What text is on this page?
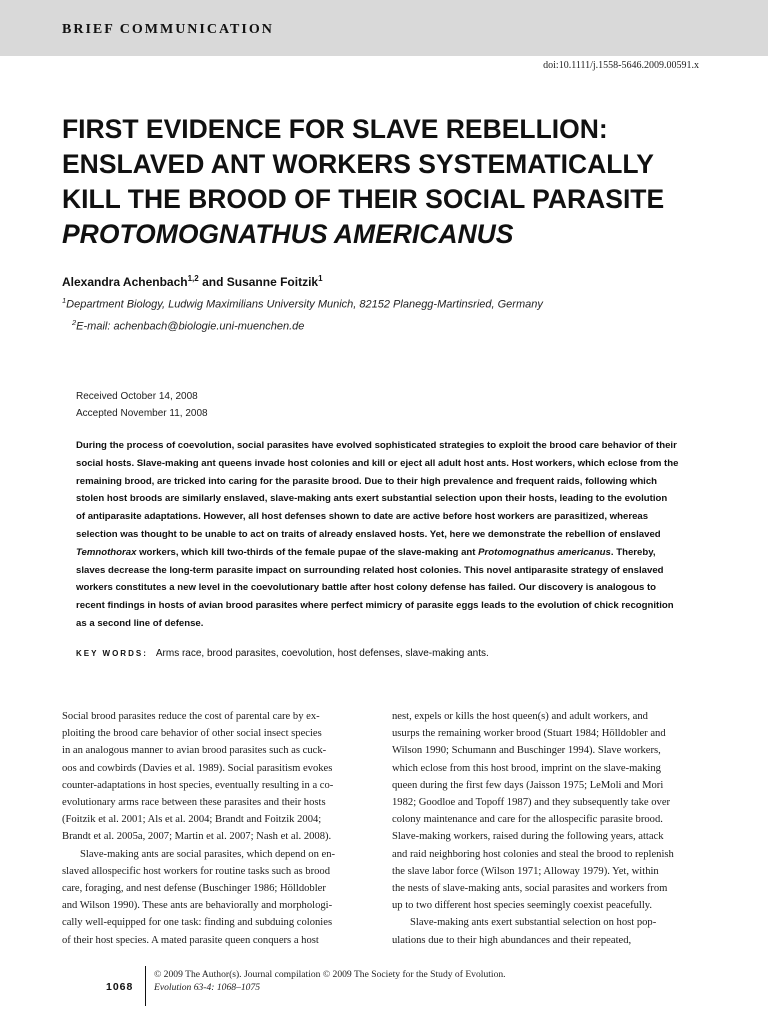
BRIEF COMMUNICATION
doi:10.1111/j.1558-5646.2009.00591.x
FIRST EVIDENCE FOR SLAVE REBELLION:
ENSLAVED ANT WORKERS SYSTEMATICALLY
KILL THE BROOD OF THEIR SOCIAL PARASITE
PROTOMOGNATHUS AMERICANUS
Alexandra Achenbach$^{1,2}$ and Susanne Foitzik$^1$
$^1$Department Biology, Ludwig Maximilians University Munich, 82152 Planegg-Martinsried, Germany
$^2$E-mail: achenbach@biologie.uni-muenchen.de
Received October 14, 2008
Accepted November 11, 2008
During the process of coevolution, social parasites have evolved sophisticated strategies to exploit the brood care behavior of their
social hosts. Slave-making ant queens invade host colonies and kill or eject all adult host ants. Host workers, which eclose from the
remaining brood, are tricked into caring for the parasite brood. Due to their high prevalence and frequent raids, following which
stolen host broods are similarly enslaved, slave-making ants exert substantial selection upon their hosts, leading to the evolution
of antiparasite adaptations. However, all host defenses shown to date are active before host workers are parasitized, whereas
selection was thought to be unable to act on traits of already enslaved hosts. Yet, here we demonstrate the rebellion of enslaved
Temnothorax workers, which kill two-thirds of the female pupae of the slave-making ant Protomognathus americanus. Thereby,
slaves decrease the long-term parasite impact on surrounding related host colonies. This novel antiparasite strategy of enslaved
workers constitutes a new level in the coevolutionary battle after host colony defense has failed. Our discovery is analogous to
recent findings in hosts of avian brood parasites where perfect mimicry of parasite eggs leads to the evolution of chick recognition
as a second line of defense.
KEY WORDS: Arms race, brood parasites, coevolution, host defenses, slave-making ants.
Social brood parasites reduce the cost of parental care by ex-
ploiting the brood care behavior of other social insect species
in an analogous manner to avian brood parasites such as cuck-
oos and cowbirds (Davies et al. 1989). Social parasitism evokes
counter-adaptations in host species, eventually resulting in a co-
evolutionary arms race between these parasites and their hosts
(Foitzik et al. 2001; Als et al. 2004; Brandt and Foitzik 2004;
Brandt et al. 2005a, 2007; Martin et al. 2007; Nash et al. 2008).
Slave-making ants are social parasites, which depend on en-
slaved allospecific host workers for routine tasks such as brood
care, foraging, and nest defense (Buschinger 1986; Hölldobler
and Wilson 1990). These ants are behaviorally and morphologi-
cally well-equipped for one task: finding and subduing colonies
of their host species. A mated parasite queen conquers a host
nest, expels or kills the host queen(s) and adult workers, and
usurps the remaining worker brood (Stuart 1984; Hölldobler and
Wilson 1990; Schumann and Buschinger 1994). Slave workers,
which eclose from this host brood, imprint on the slave-making
queen during the first few days (Jaisson 1975; LeMoli and Mori
1982; Goodloe and Topoff 1987) and they subsequently take over
colony maintenance and care for the allospecific parasite brood.
Slave-making workers, raised during the following years, attack
and raid neighboring host colonies and steal the brood to replenish
the slave labor force (Wilson 1971; Alloway 1979). Yet, within
the nests of slave-making ants, social parasites and workers from
up to two different host species seemingly coexist peacefully.
Slave-making ants exert substantial selection on host pop-
ulations due to their high abundances and their repeated,
1068
© 2009 The Author(s). Journal compilation © 2009 The Society for the Study of Evolution.
Evolution 63-4: 1068–1075
